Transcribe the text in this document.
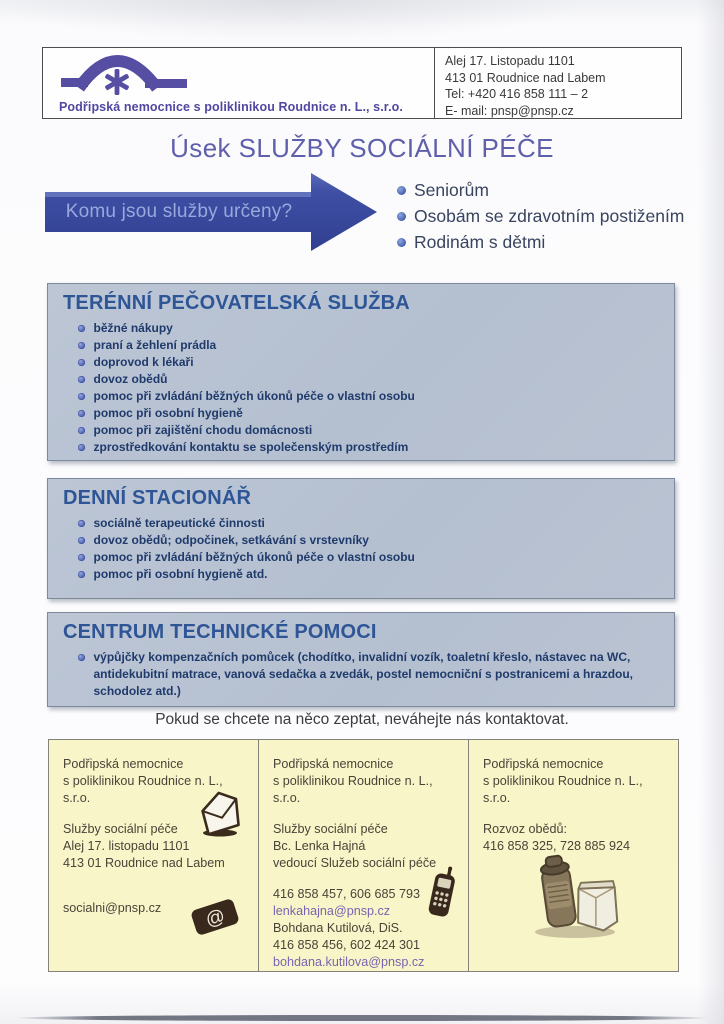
Podřipská nemocnice s poliklinikou Roudnice n. L., s.r.o.
Alej 17. Listopadu 1101
413 01 Roudnice nad Labem
Tel: +420 416 858 111 – 2
E- mail: pnsp@pnsp.cz
Úsek SLUŽBY SOCIÁLNÍ PÉČE
Komu jsou služby určeny?
Seniorům
Osobám se zdravotním postižením
Rodinám s dětmi
TERÉNNÍ PEČOVATELSKÁ SLUŽBA
běžné nákupy
praní a žehlení prádla
doprovod k lékaři
dovoz obědů
pomoc při zvládání běžných úkonů péče o vlastní osobu
pomoc při osobní hygieně
pomoc při zajištění chodu domácnosti
zprostředkování kontaktu se společenským prostředím
DENNÍ STACIONÁŘ
sociálně terapeutické činnosti
dovoz obědů; odpočinek, setkávání s vrstevníky
pomoc při zvládání běžných úkonů péče o vlastní osobu
pomoc při osobní hygieně atd.
CENTRUM TECHNICKÉ POMOCI
výpůjčky kompenzačních pomůcek (chodítko, invalidní vozík, toaletní křeslo, nástavec na WC, antidekubitní matrace, vanová sedačka a zvedák, postel nemocniční s postranicemi a hrazdou, schodolez atd.)

Pokud se chcete na něco zeptat, neváhejte nás kontaktovat.

Podřipská nemocnice
s poliklinikou Roudnice n. L., s.r.o.
Služby sociální péče
Alej 17. listopadu 1101
413 01 Roudnice nad Labem
socialni@pnsp.cz	@
Podřipská nemocnice
s poliklinikou Roudnice n. L., s.r.o.
Služby sociální péče
Bc. Lenka Hajná
vedoucí Služeb sociální péče
416 858 457, 606 685 793
lenkahajna@pnsp.cz
Bohdana Kutilová, DiS.
416 858 456, 602 424 301
bohdana.kutilova@pnsp.cz
Podřipská nemocnice
s poliklinikou Roudnice n. L., s.r.o.
Rozvoz obědů:
416 858 325, 728 885 924
